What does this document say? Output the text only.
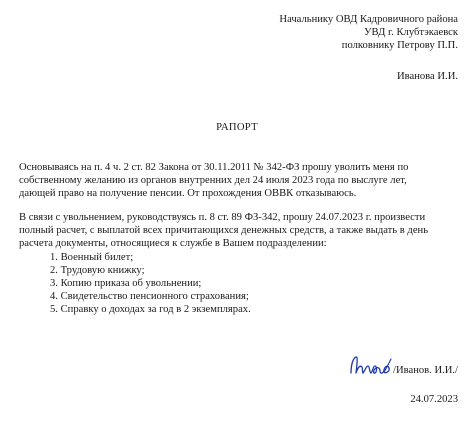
Начальнику ОВД Кадровичного района
УВД г. Клубтэкаевск
полковнику Петрову П.П.
Иванова И.И.
РАПОРТ
Основываясь на п. 4 ч. 2 ст. 82 Закона от 30.11.2011 № 342-ФЗ прошу уволить меня по
собственному желанию из органов внутренних дел 24 июля 2023 года по выслуге лет,
дающей право на получение пенсии. От прохождения ОВВК отказываюсь.
В связи с увольнением, руководствуясь п. 8 ст. 89 ФЗ-342, прошу 24.07.2023 г. произвести
полный расчет, с выплатой всех причитающихся денежных средств, а также выдать в день
расчета документы, относящиеся к службе в Вашем подразделении:
1. Военный билет;
2. Трудовую книжку;
3. Копию приказа об увольнении;
4. Свидетельство пенсионного страхования;
5. Справку о доходах за год в 2 экземплярах.
/Иванов. И.И./
24.07.2023
